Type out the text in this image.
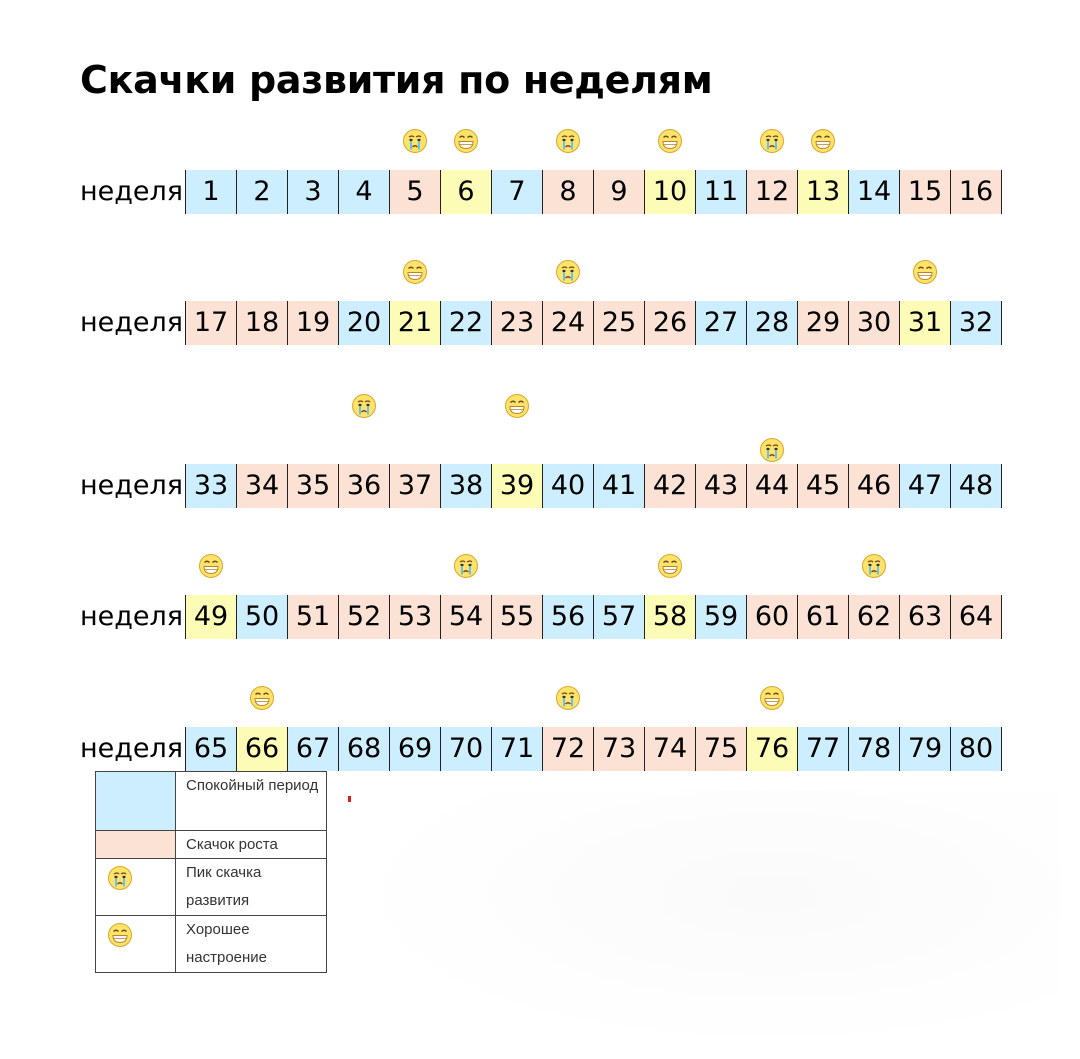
Скачки развития по неделям
неделя 1	2	3	4	5	6	7	8	9 10 11 12 13 14 15 16
неделя 17 18 19 20 21 22 23 24 25 26 27 28 29 30 31 32
неделя 33 34 35 36 37 38 39 40 41 42 43 44 45 46 47 48
неделя 49 50 51 52 53 54 55 56 57 58 59 60 61 62 63 64
неделя 65 66 67 68 69 70 71 72 73 74 75 76 77 78 79 80
Спокойный период
Скачок роста
Пик скачка развития
Хорошее настроение
